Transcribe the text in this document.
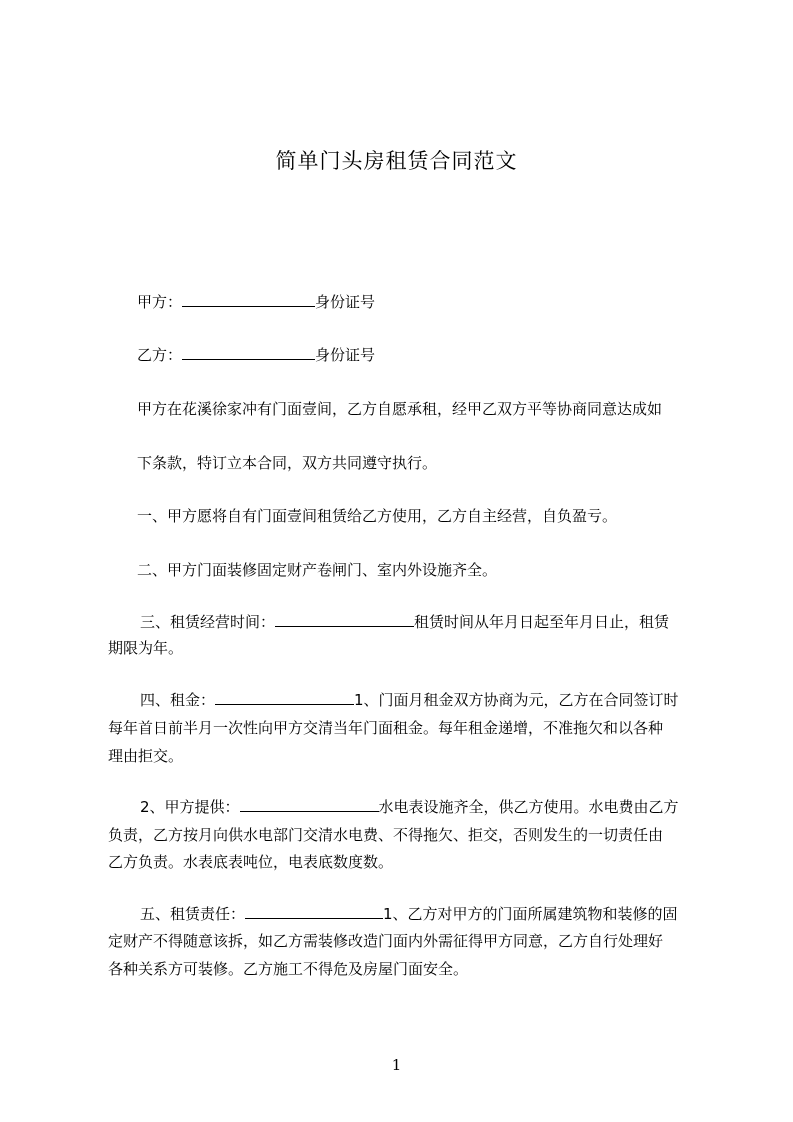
简单门头房租赁合同范文
甲方：	身份证号
乙方：	身份证号
甲方在花溪徐家冲有门面壹间，乙方自愿承租，经甲乙双方平等协商同意达成如
下条款，特订立本合同，双方共同遵守执行。
一、甲方愿将自有门面壹间租赁给乙方使用，乙方自主经营，自负盈亏。
二、甲方门面装修固定财产卷闸门、室内外设施齐全。
三、租赁经营时间：	租赁时间从年月日起至年月日止，租赁
期限为年。
四、租金：	1、门面月租金双方协商为元，乙方在合同签订时
每年首日前半月一次性向甲方交清当年门面租金。每年租金递增，不准拖欠和以各种
理由拒交。
2、甲方提供：	水电表设施齐全，供乙方使用。水电费由乙方
负责，乙方按月向供水电部门交清水电费、不得拖欠、拒交，否则发生的一切责任由
乙方负责。水表底表吨位，电表底数度数。
五、租赁责任：	1、乙方对甲方的门面所属建筑物和装修的固
定财产不得随意该拆，如乙方需装修改造门面内外需征得甲方同意，乙方自行处理好
各种关系方可装修。乙方施工不得危及房屋门面安全。
1
